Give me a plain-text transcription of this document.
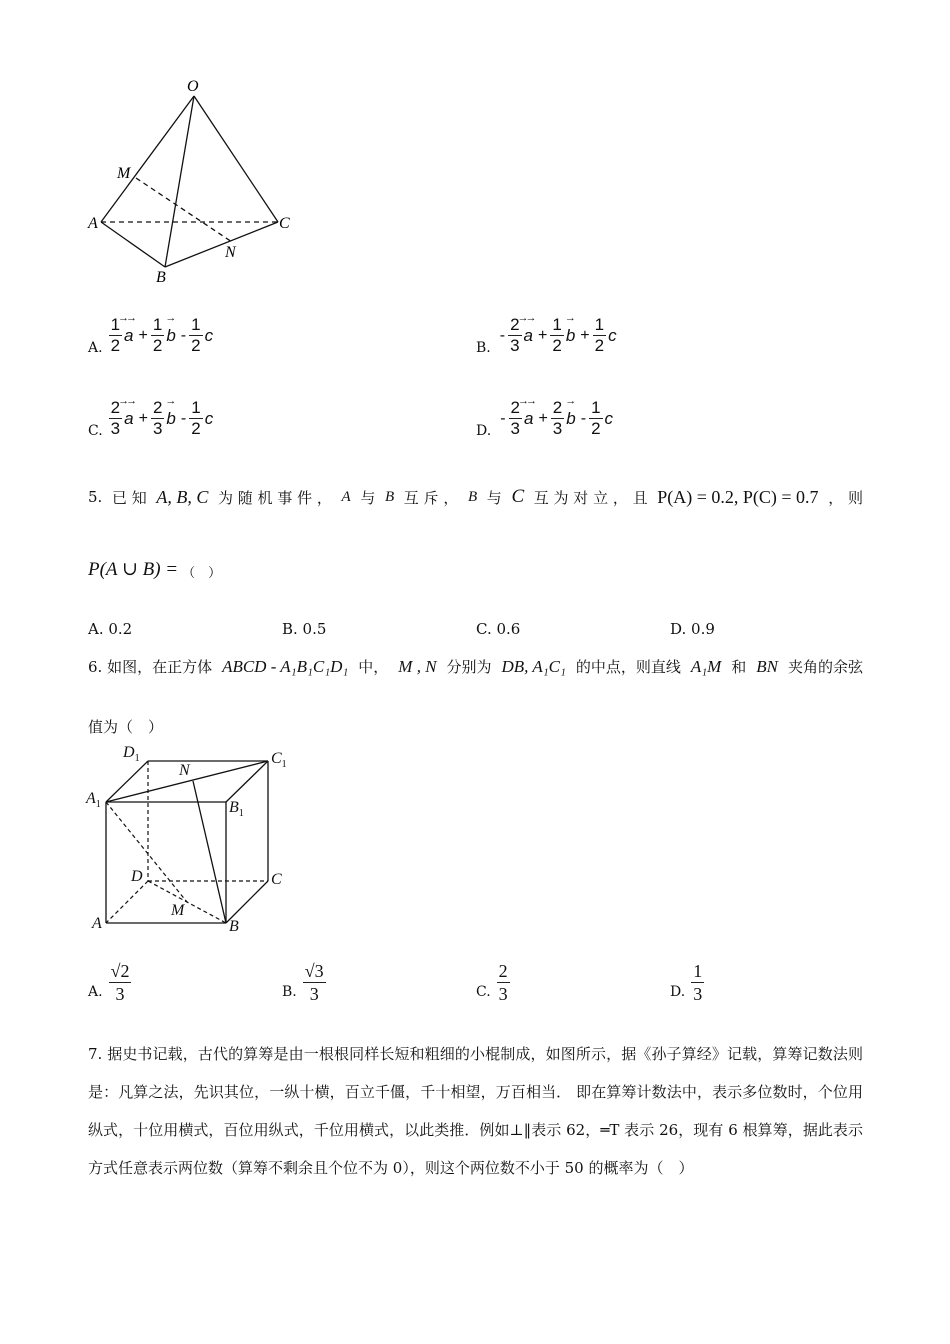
O
M
A	C
N
B
A. $\frac{1}{2}$
→→ $a + \frac{1}{2}$
→ b - $\frac{1}{2}$ c
B.
- $\frac{2}{3}$
→→ $a + \frac{1}{2}$
→ $b + \frac{1}{2}$ c
C. $\frac{2}{3}$
→→ $a + \frac{2}{3}$
→ b - $\frac{1}{2}$ c
D.
- $\frac{2}{3}$
→→ $a + \frac{2}{3}$
→ b - $\frac{1}{2}$ c
5. 已 知 A, B, C 为 随 机 事 件 ， A 与 B 互 斥 ， B 与 C 互 为 对 立 ， 且 P(A) = 0.2, P(C) = 0.7 ， 则
P(A ∪ B) = （　）
A. 0.2	B. 0.5	C. 0.6	D. 0.9
6. 如图，在正方体 ABCD - A₁B₁C₁D₁ 中， M , N 分别为 DB, A₁C₁ 的中点，则直线 A₁M 和 BN 夹角的余弦
值为（　）
$D_1$	$C_1$
N
$A_1$	$B_1$
D	C
M
A	B
A. $\frac{√2}{3}$	B. $\frac{√3}{3}$	C. $\frac{2}{3}$	D. $\frac{1}{3}$
7. 据史书记载，古代的算筹是由一根根同样长短和粗细的小棍制成，如图所示，据《孙子算经》记载，算筹记数法则是：凡算之法，先识其位，一纵十横，百立千僵，千十相望，万百相当． 即在算筹计数法中，表示多位数时，个位用纵式，十位用横式，百位用纵式，千位用横式，以此类推．例如⊥‖表示 62，═T 表示 26，现有 6 根算筹，据此表示方式任意表示两位数（算筹不剩余且个位不为 0），则这个两位数不小于 50 的概率为（　）
